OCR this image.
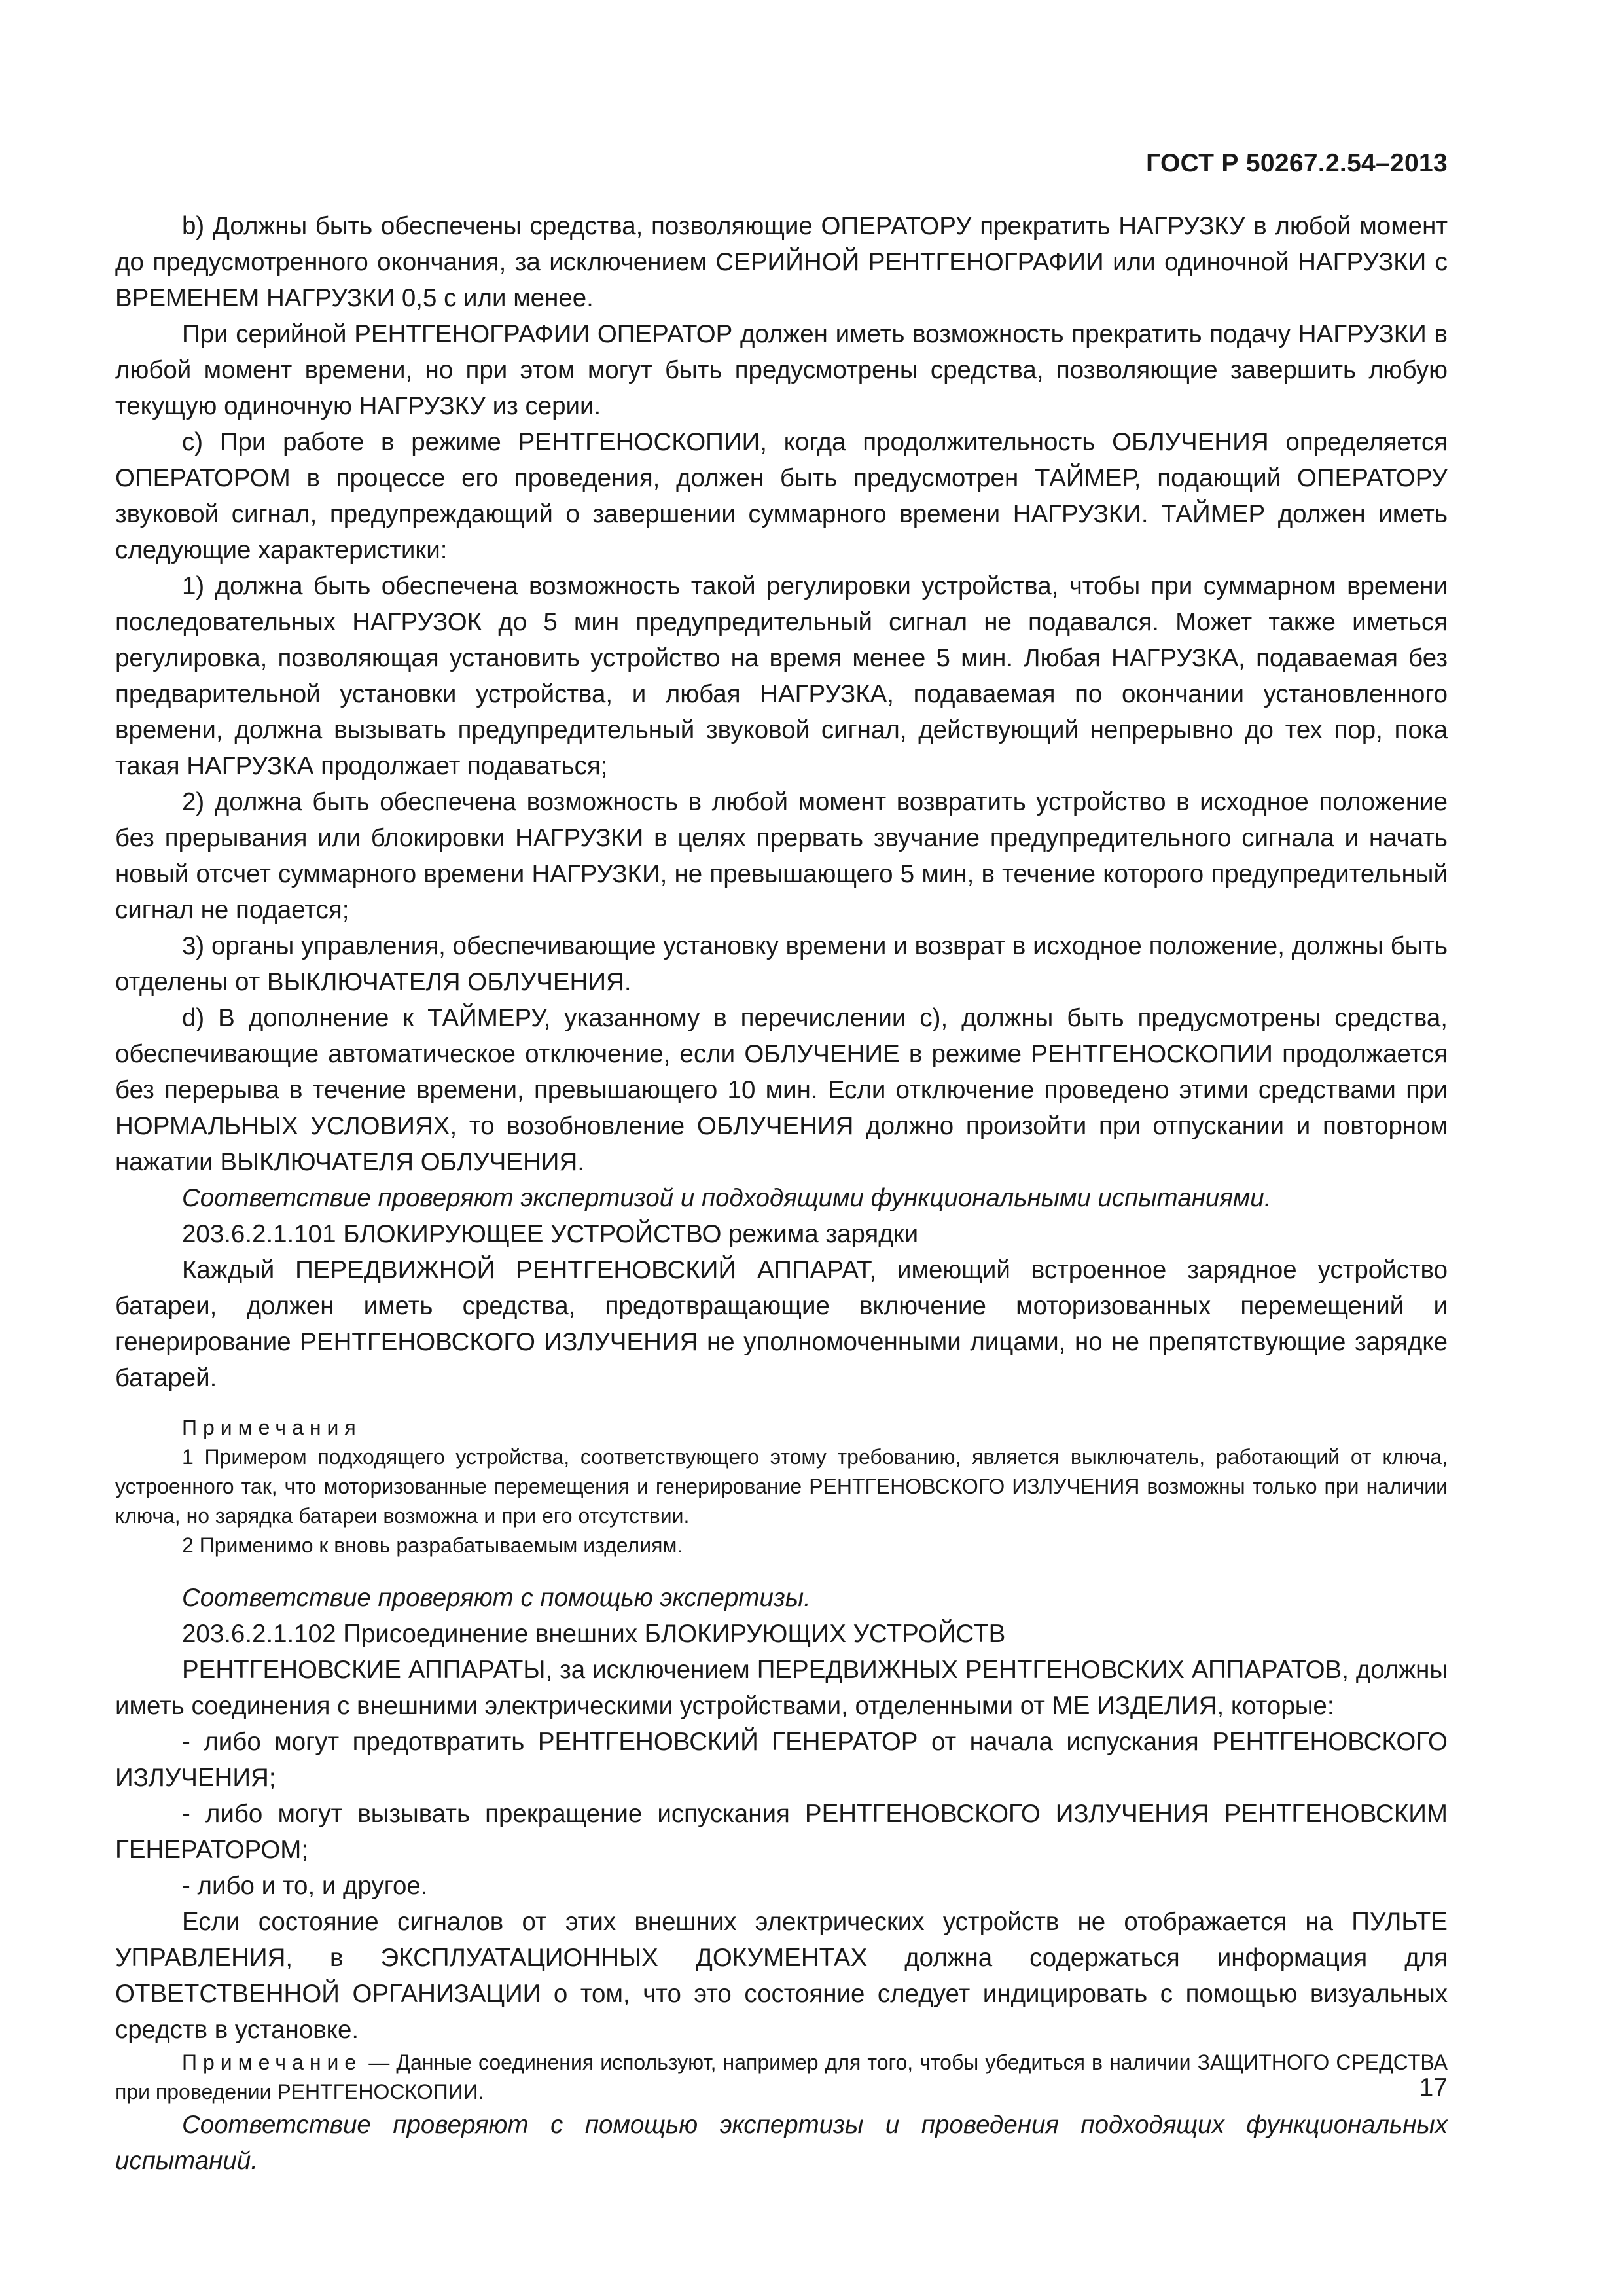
ГОСТ Р 50267.2.54–2013

b) Должны быть обеспечены средства, позволяющие ОПЕРАТОРУ прекратить НАГРУЗКУ в любой момент до предусмотренного окончания, за исключением СЕРИЙНОЙ РЕНТГЕНОГРАФИИ или одиночной НАГРУЗКИ с ВРЕМЕНЕМ НАГРУЗКИ 0,5 с или менее.

При серийной РЕНТГЕНОГРАФИИ ОПЕРАТОР должен иметь возможность прекратить подачу НАГРУЗКИ в любой момент времени, но при этом могут быть предусмотрены средства, позволяющие завершить любую текущую одиночную НАГРУЗКУ из серии.

c) При работе в режиме РЕНТГЕНОСКОПИИ, когда продолжительность ОБЛУЧЕНИЯ определяется ОПЕРАТОРОМ в процессе его проведения, должен быть предусмотрен ТАЙМЕР, подающий ОПЕРАТОРУ звуковой сигнал, предупреждающий о завершении суммарного времени НАГРУЗКИ. ТАЙМЕР должен иметь следующие характеристики:

1) должна быть обеспечена возможность такой регулировки устройства, чтобы при суммарном времени последовательных НАГРУЗОК до 5 мин предупредительный сигнал не подавался. Может также иметься регулировка, позволяющая установить устройство на время менее 5 мин. Любая НАГРУЗКА, подаваемая без предварительной установки устройства, и любая НАГРУЗКА, подаваемая по окончании установленного времени, должна вызывать предупредительный звуковой сигнал, действующий непрерывно до тех пор, пока такая НАГРУЗКА продолжает подаваться;

2) должна быть обеспечена возможность в любой момент возвратить устройство в исходное положение без прерывания или блокировки НАГРУЗКИ в целях прервать звучание предупредительного сигнала и начать новый отсчет суммарного времени НАГРУЗКИ, не превышающего 5 мин, в течение которого предупредительный сигнал не подается;

3) органы управления, обеспечивающие установку времени и возврат в исходное положение, должны быть отделены от ВЫКЛЮЧАТЕЛЯ ОБЛУЧЕНИЯ.

d) В дополнение к ТАЙМЕРУ, указанному в перечислении c), должны быть предусмотрены средства, обеспечивающие автоматическое отключение, если ОБЛУЧЕНИЕ в режиме РЕНТГЕНОСКОПИИ продолжается без перерыва в течение времени, превышающего 10 мин. Если отключение проведено этими средствами при НОРМАЛЬНЫХ УСЛОВИЯХ, то возобновление ОБЛУЧЕНИЯ должно произойти при отпускании и повторном нажатии ВЫКЛЮЧАТЕЛЯ ОБЛУЧЕНИЯ.

Соответствие проверяют экспертизой и подходящими функциональными испытаниями.

203.6.2.1.101 БЛОКИРУЮЩЕЕ УСТРОЙСТВО режима зарядки

Каждый ПЕРЕДВИЖНОЙ РЕНТГЕНОВСКИЙ АППАРАТ, имеющий встроенное зарядное устройство батареи, должен иметь средства, предотвращающие включение моторизованных перемещений и генерирование РЕНТГЕНОВСКОГО ИЗЛУЧЕНИЯ не уполномоченными лицами, но не препятствующие зарядке батарей.

Примечания

1 Примером подходящего устройства, соответствующего этому требованию, является выключатель, работающий от ключа, устроенного так, что моторизованные перемещения и генерирование РЕНТГЕНОВСКОГО ИЗЛУЧЕНИЯ возможны только при наличии ключа, но зарядка батареи возможна и при его отсутствии.

2 Применимо к вновь разрабатываемым изделиям.

Соответствие проверяют с помощью экспертизы.

203.6.2.1.102 Присоединение внешних БЛОКИРУЮЩИХ УСТРОЙСТВ

РЕНТГЕНОВСКИЕ АППАРАТЫ, за исключением ПЕРЕДВИЖНЫХ РЕНТГЕНОВСКИХ АППАРАТОВ, должны иметь соединения с внешними электрическими устройствами, отделенными от МЕ ИЗДЕЛИЯ, которые:

- либо могут предотвратить РЕНТГЕНОВСКИЙ ГЕНЕРАТОР от начала испускания РЕНТГЕНОВСКОГО ИЗЛУЧЕНИЯ;

- либо могут вызывать прекращение испускания РЕНТГЕНОВСКОГО ИЗЛУЧЕНИЯ РЕНТГЕНОВСКИМ ГЕНЕРАТОРОМ;

- либо и то, и другое.

Если состояние сигналов от этих внешних электрических устройств не отображается на ПУЛЬТЕ УПРАВЛЕНИЯ, в ЭКСПЛУАТАЦИОННЫХ ДОКУМЕНТАХ должна содержаться информация для ОТВЕТСТВЕННОЙ ОРГАНИЗАЦИИ о том, что это состояние следует индицировать с помощью визуальных средств в установке.

Примечание — Данные соединения используют, например для того, чтобы убедиться в наличии ЗАЩИТНОГО СРЕДСТВА при проведении РЕНТГЕНОСКОПИИ.

Соответствие проверяют с помощью экспертизы и проведения подходящих функциональных испытаний.

17
